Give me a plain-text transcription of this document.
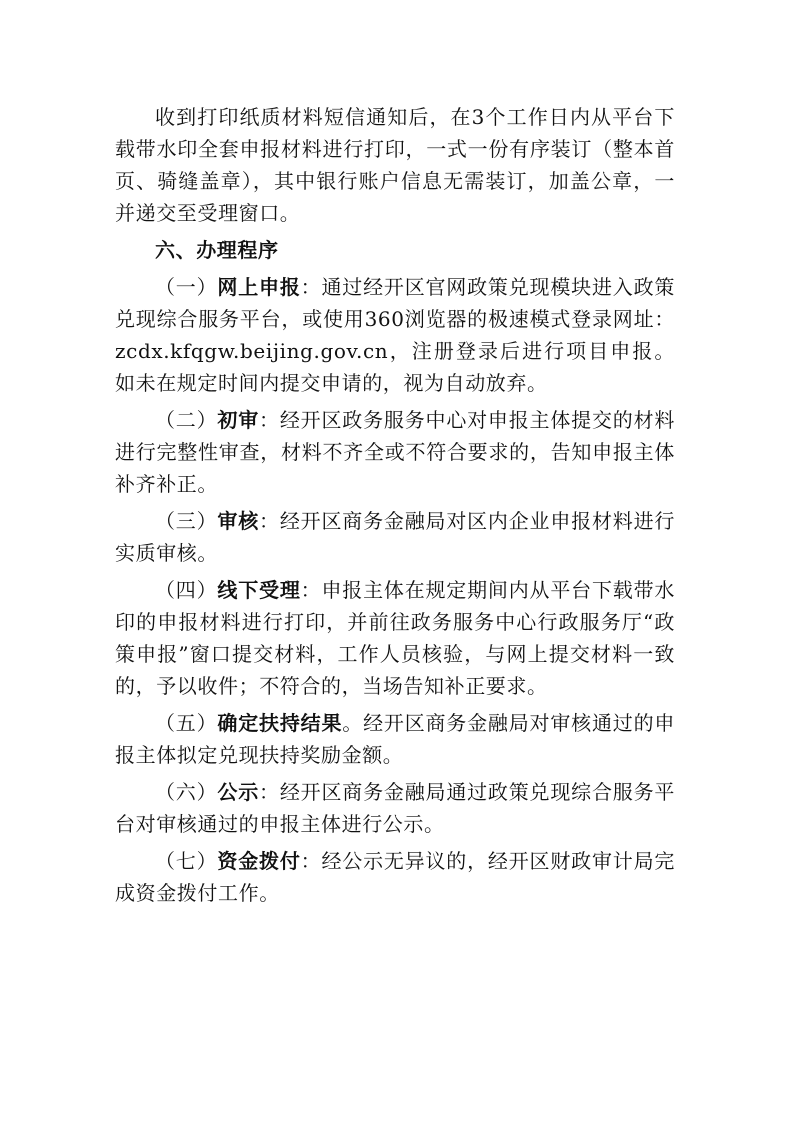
收到打印纸质材料短信通知后，在3个工作日内从平台下载带水印全套申报材料进行打印，一式一份有序装订（整本首页、骑缝盖章），其中银行账户信息无需装订，加盖公章，一并递交至受理窗口。

六、办理程序

（一）网上申报：通过经开区官网政策兑现模块进入政策兑现综合服务平台，或使用360浏览器的极速模式登录网址：zcdx.kfqgw.beijing.gov.cn，注册登录后进行项目申报。如未在规定时间内提交申请的，视为自动放弃。

（二）初审：经开区政务服务中心对申报主体提交的材料进行完整性审查，材料不齐全或不符合要求的，告知申报主体补齐补正。

（三）审核：经开区商务金融局对区内企业申报材料进行实质审核。

（四）线下受理：申报主体在规定期间内从平台下载带水印的申报材料进行打印，并前往政务服务中心行政服务厅“政策申报”窗口提交材料，工作人员核验，与网上提交材料一致的，予以收件；不符合的，当场告知补正要求。

（五）确定扶持结果。经开区商务金融局对审核通过的申报主体拟定兑现扶持奖励金额。

（六）公示：经开区商务金融局通过政策兑现综合服务平台对审核通过的申报主体进行公示。

（七）资金拨付：经公示无异议的，经开区财政审计局完成资金拨付工作。
